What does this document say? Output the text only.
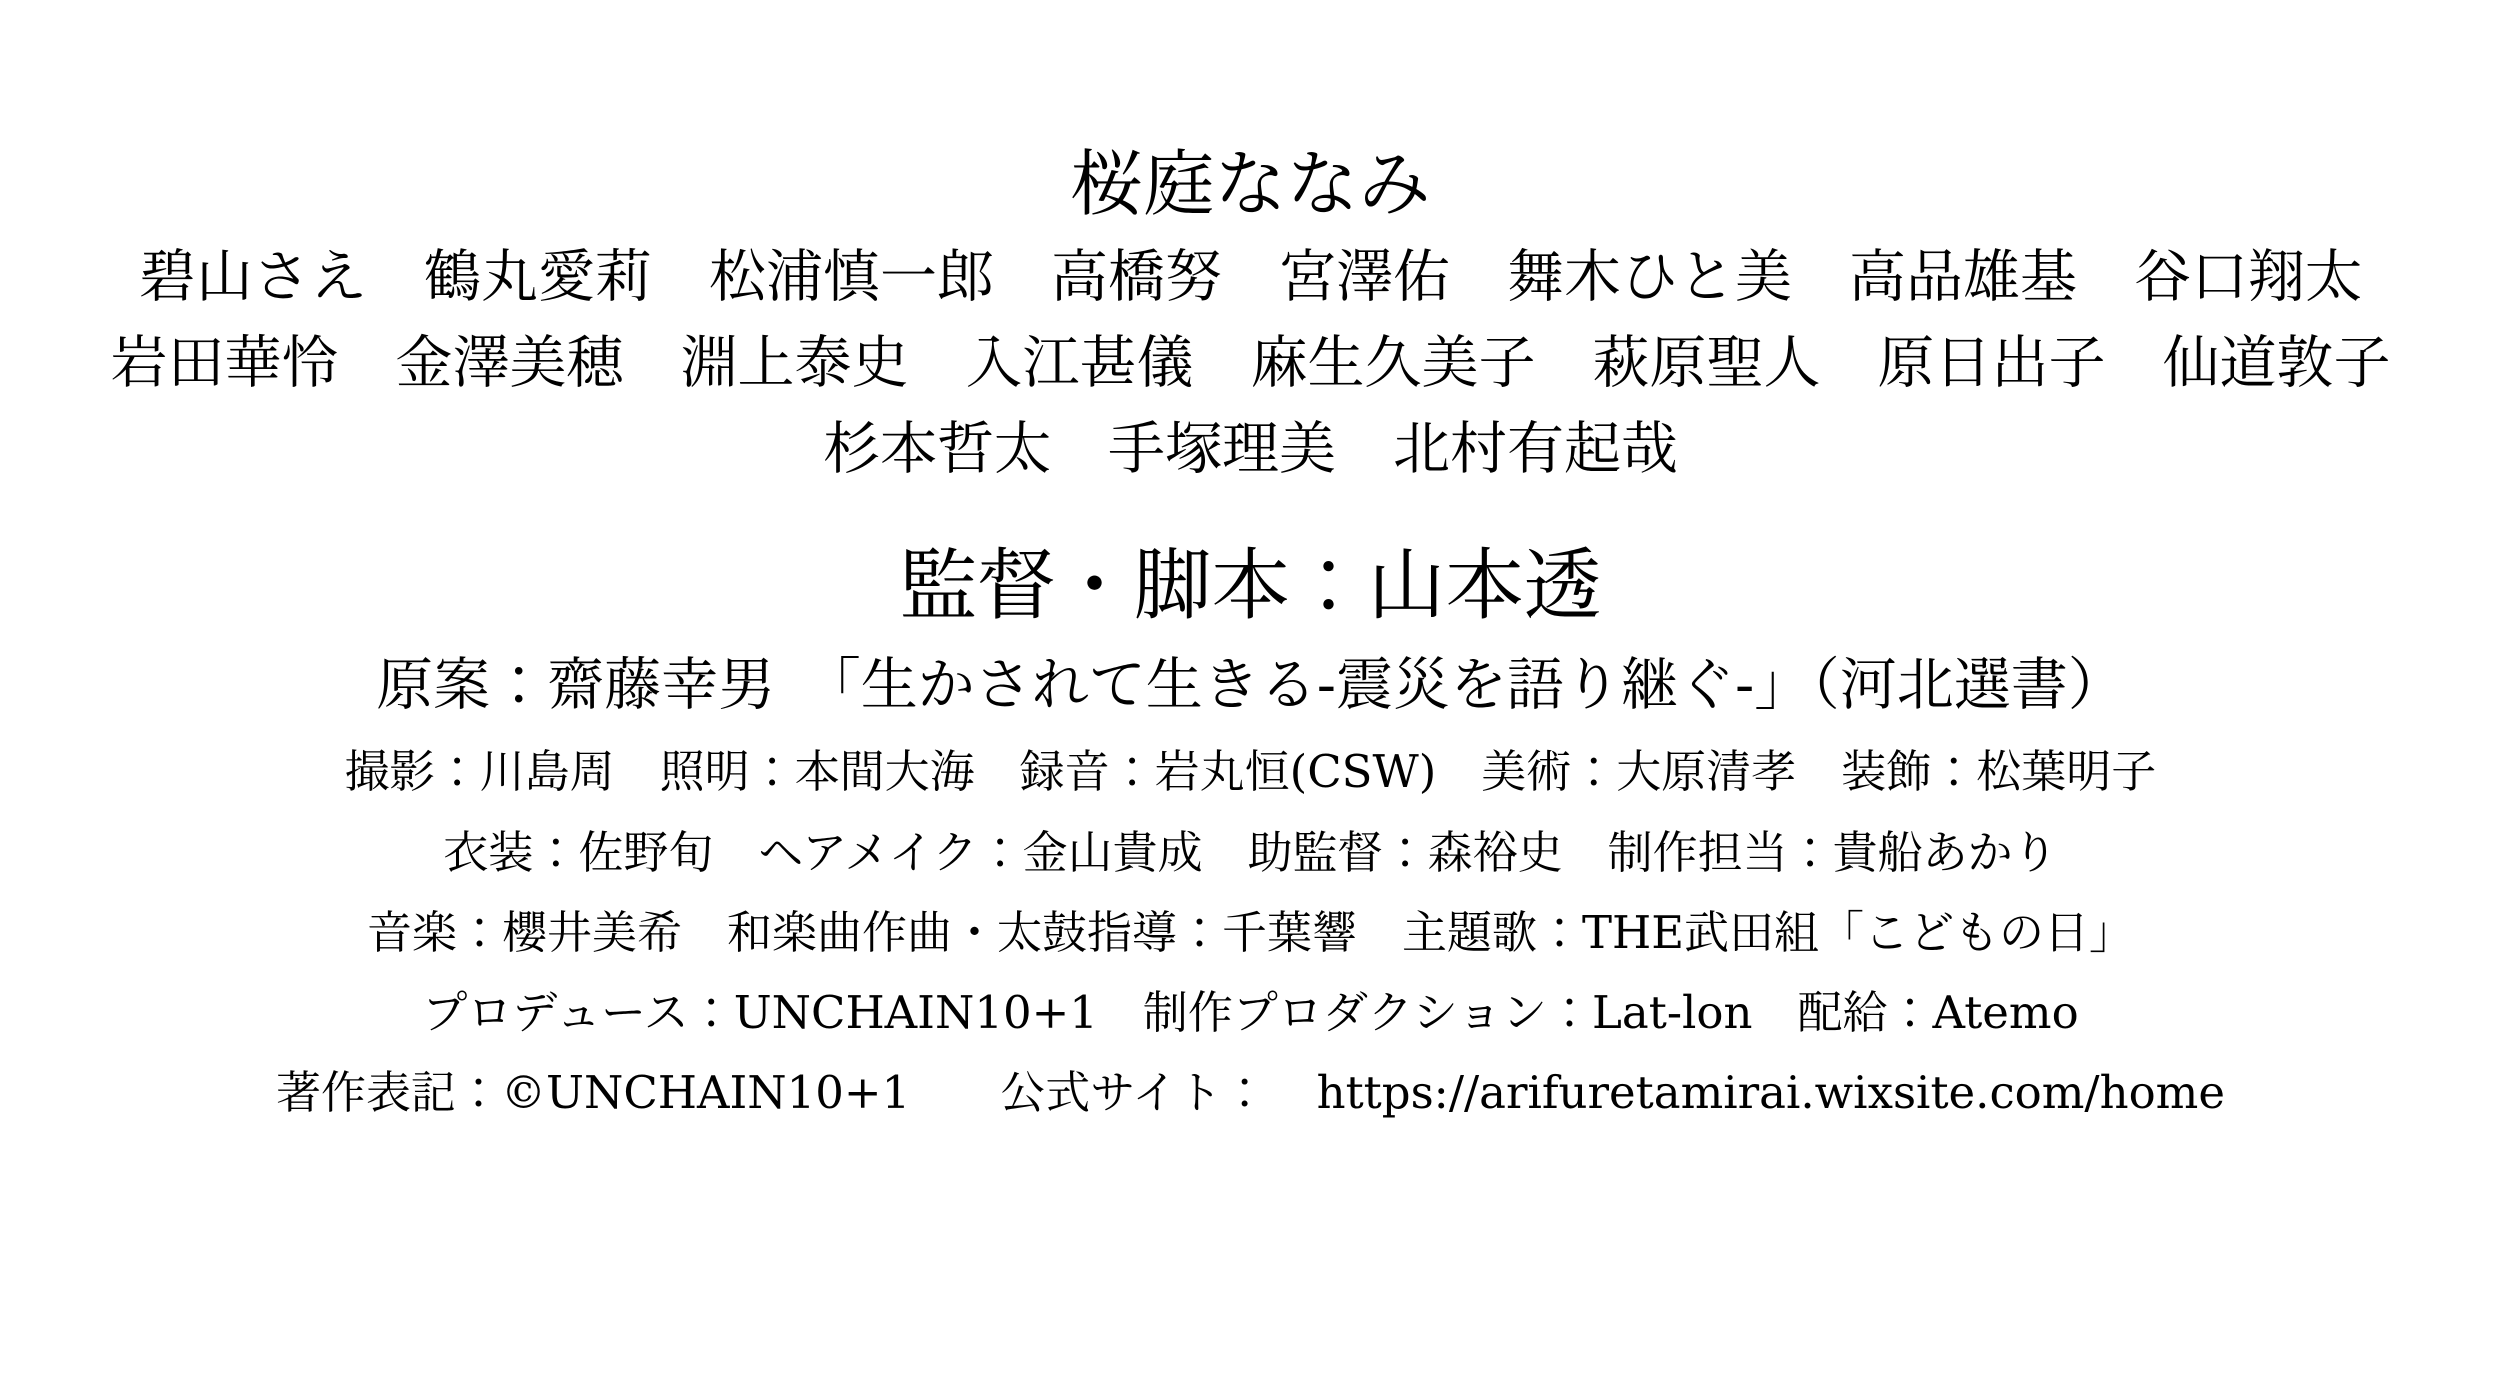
桜庭ななみ

碧山さえ　鶴丸愛莉　松浦慎一郎　高橋努　宮澤佑　舞木ひと美　高品雄基　谷口翔太

岩田華怜　金澤美穂　淵上泰史　入江甚儀　麻生久美子　萩原聖人　原日出子　仙道敦子

杉本哲太　手塚理美　北村有起哉

監督・脚本：山本透

原案：齋藤幸男　「生かされて生きる-震災を語り継ぐ-」（河北選書）

撮影：川島周　照明：本間大海　録音：岩丸恒(CSW)　美術：大原清孝　装飾：松葉明子

衣装：佐野旬　ヘアメイク：金山貴成　助監督：森裕史　制作担当：貴船あかり

音楽：櫻井美希　和楽曲作曲・太鼓指導：千葉響　主題歌：THE武田組「こどもの日」

プロデュース：UNCHAIN10+1　制作プロダクション：Lat-lon　配給：Atemo

著作表記：©UNCHAIN10+1 公式サイト： https://arifuretamirai.wixsite.com/home
